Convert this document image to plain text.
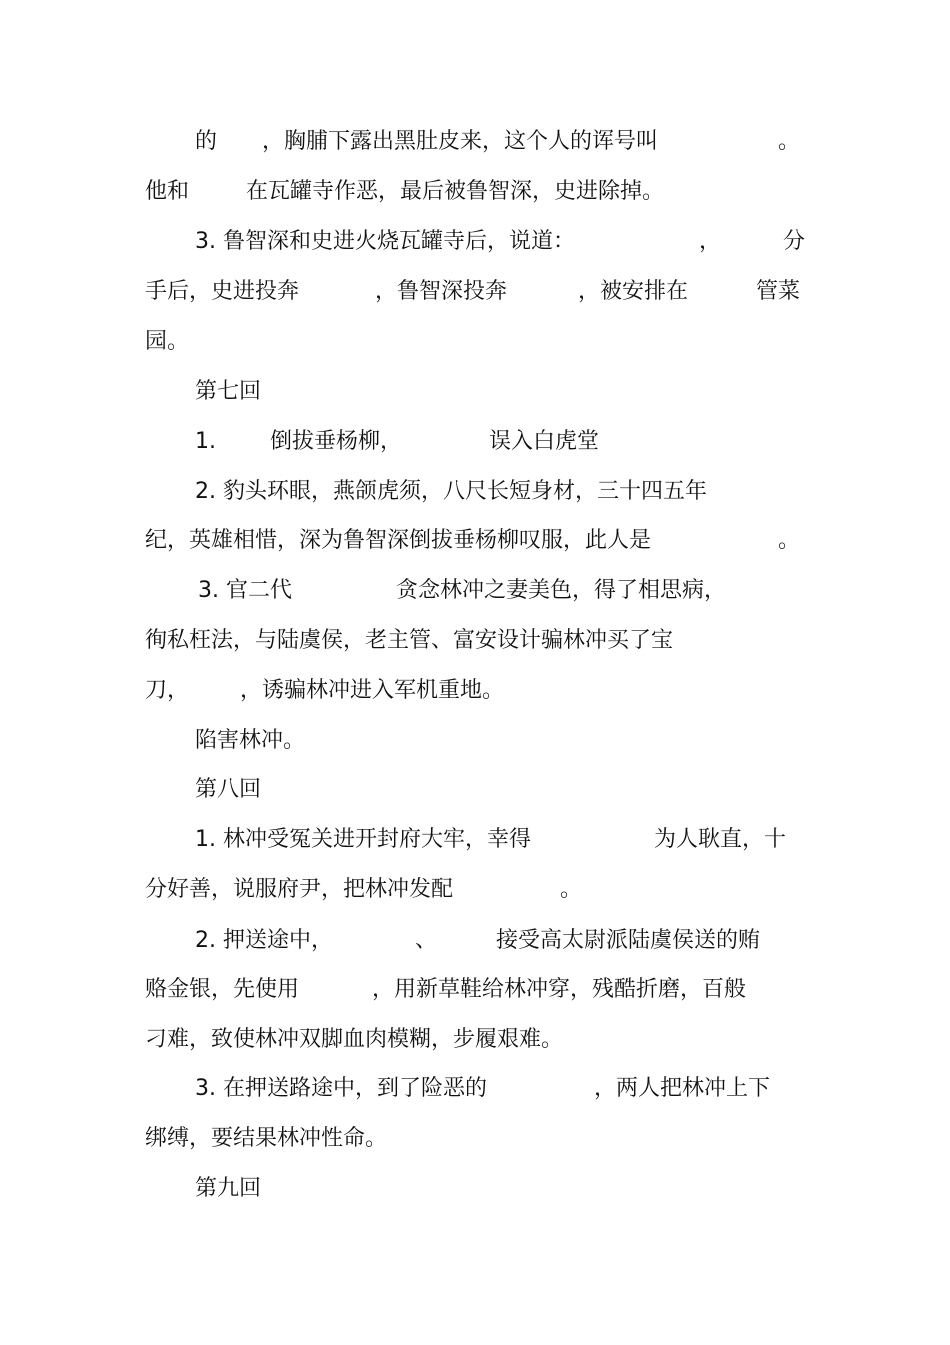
的 ，胸脯下露出黑肚皮来，这个人的诨号叫	。
他和	在瓦罐寺作恶，最后被鲁智深，史进除掉。
3. 鲁智深和史进火烧瓦罐寺后，说道：	，	分
手后，史进投奔	，鲁智深投奔	，被安排在	管菜
园。
第七回
1. 倒拔垂杨柳，	误入白虎堂
2. 豹头环眼，燕颌虎须，八尺长短身材，三十四五年
纪，英雄相惜，深为鲁智深倒拔垂杨柳叹服，此人是	。
3. 官二代	贪念林冲之妻美色，得了相思病，
徇私枉法，与陆虞侯，老主管、富安设计骗林冲买了宝
刀， ，诱骗林冲进入军机重地。
陷害林冲。
第八回
1. 林冲受冤关进开封府大牢，幸得	为人耿直，十
分好善，说服府尹，把林冲发配	。
2. 押送途中，	、	接受高太尉派陆虞侯送的贿
赂金银，先使用	，用新草鞋给林冲穿，残酷折磨，百般
刁难，致使林冲双脚血肉模糊，步履艰难。
3. 在押送路途中，到了险恶的	，两人把林冲上下
绑缚，要结果林冲性命。
第九回
